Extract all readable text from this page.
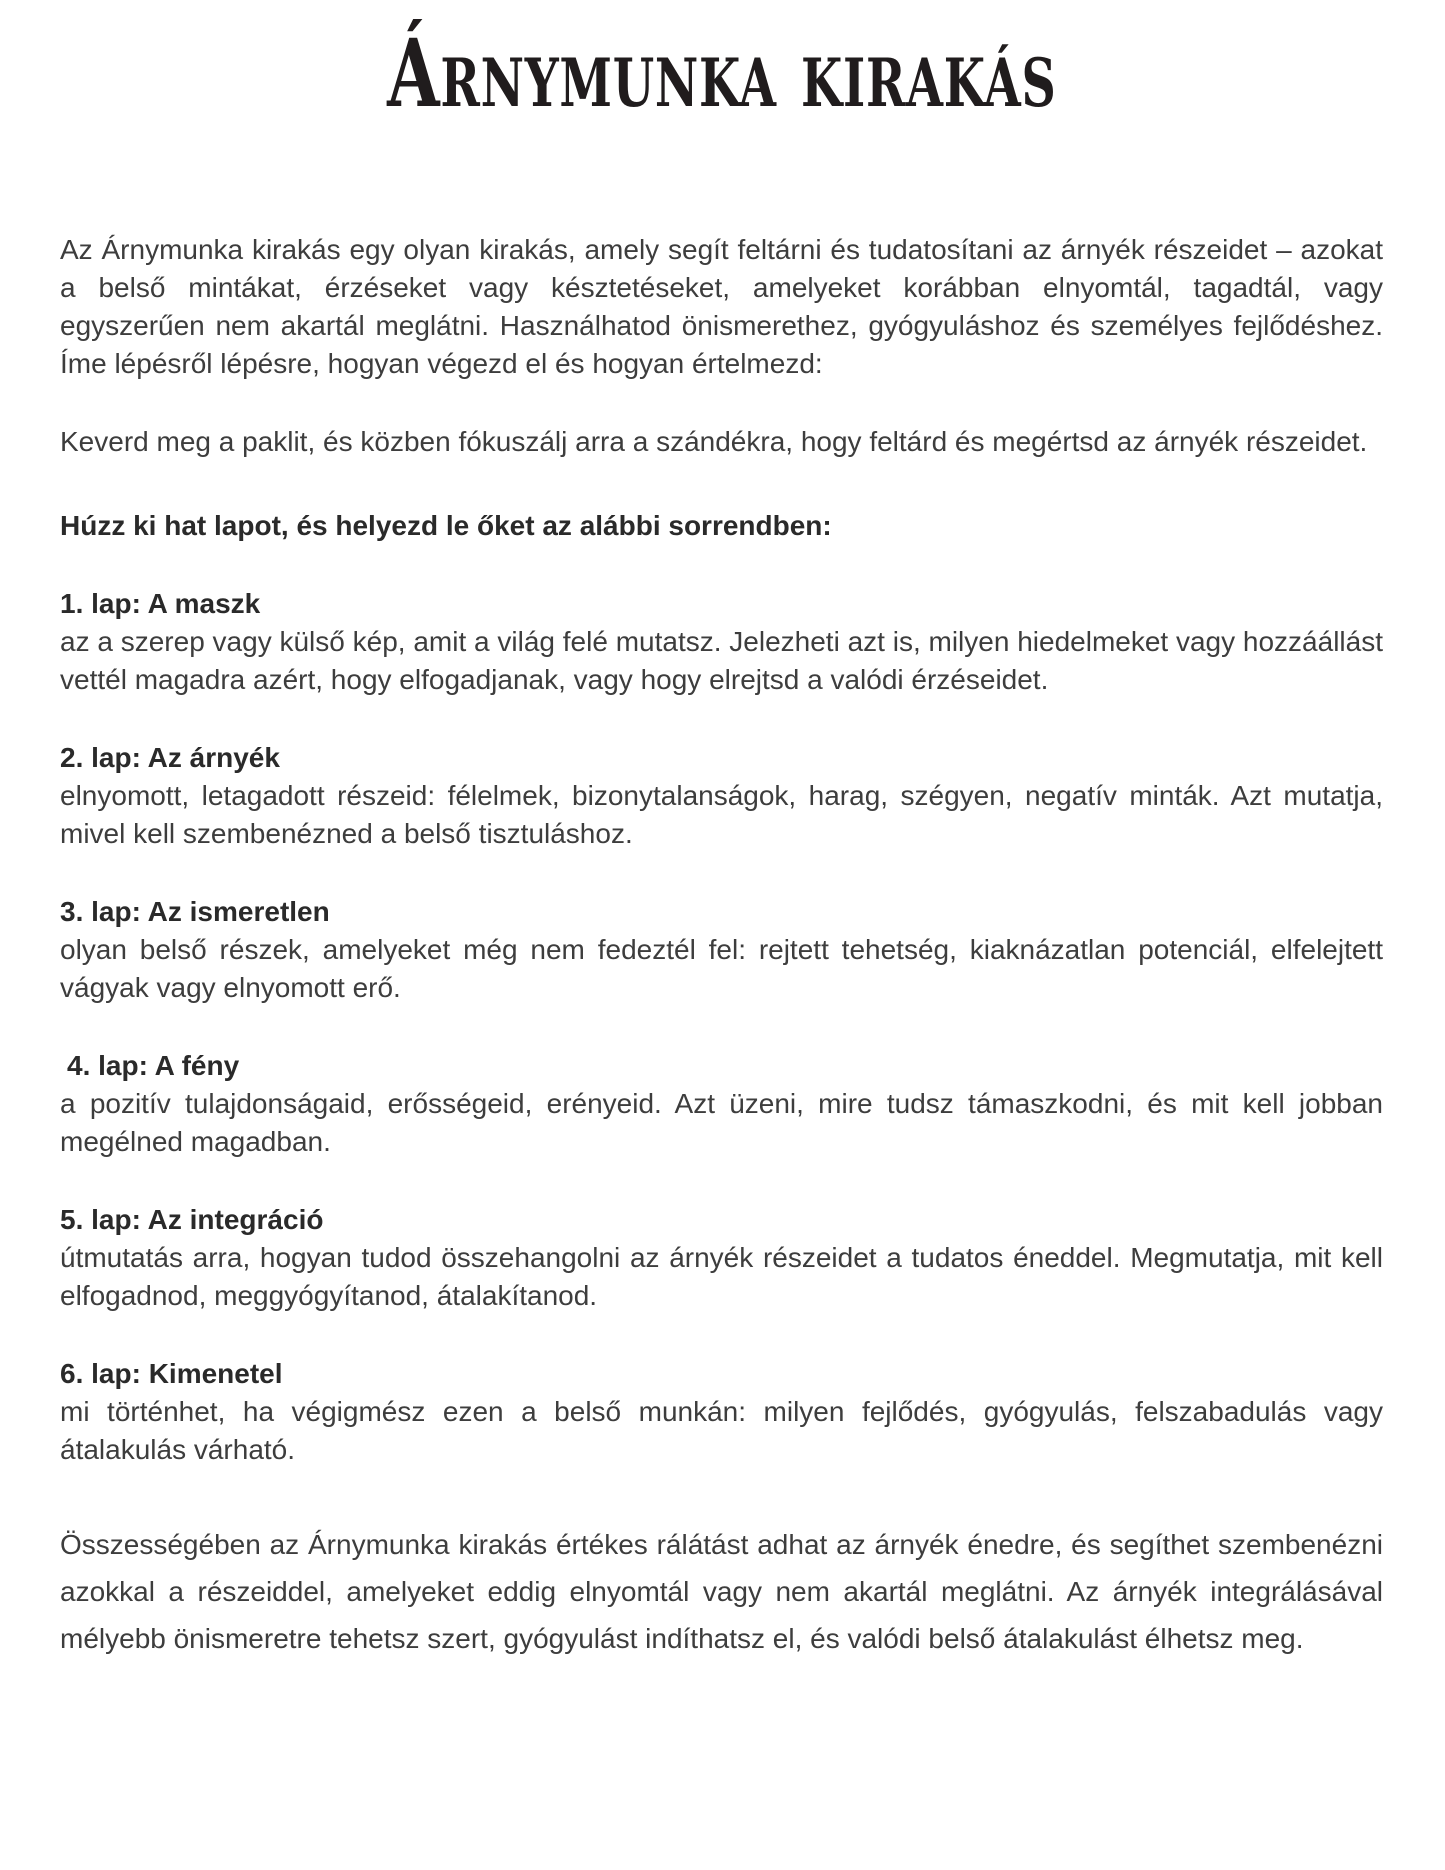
Árnymunka kirakás

Az Árnymunka kirakás egy olyan kirakás, amely segít feltárni és tudatosítani az árnyék részeidet – azokat a belső mintákat, érzéseket vagy késztetéseket, amelyeket korábban elnyomtál, tagadtál, vagy egyszerűen nem akartál meglátni. Használhatod önismerethez, gyógyuláshoz és személyes fejlődéshez. Íme lépésről lépésre, hogyan végezd el és hogyan értelmezd:

Keverd meg a paklit, és közben fókuszálj arra a szándékra, hogy feltárd és megértsd az árnyék részeidet.

Húzz ki hat lapot, és helyezd le őket az alábbi sorrendben:

1. lap: A maszk

az a szerep vagy külső kép, amit a világ felé mutatsz. Jelezheti azt is, milyen hiedelmeket vagy hozzáállást vettél magadra azért, hogy elfogadjanak, vagy hogy elrejtsd a valódi érzéseidet.

2. lap: Az árnyék

elnyomott, letagadott részeid: félelmek, bizonytalanságok, harag, szégyen, negatív minták. Azt mutatja, mivel kell szembenézned a belső tisztuláshoz.

3. lap: Az ismeretlen

olyan belső részek, amelyeket még nem fedeztél fel: rejtett tehetség, kiaknázatlan potenciál, elfelejtett vágyak vagy elnyomott erő.

4. lap: A fény

a pozitív tulajdonságaid, erősségeid, erényeid. Azt üzeni, mire tudsz támaszkodni, és mit kell jobban megélned magadban.

5. lap: Az integráció

útmutatás arra, hogyan tudod összehangolni az árnyék részeidet a tudatos éneddel. Megmutatja, mit kell elfogadnod, meggyógyítanod, átalakítanod.

6. lap: Kimenetel

mi történhet, ha végigmész ezen a belső munkán: milyen fejlődés, gyógyulás, felszabadulás vagy átalakulás várható.

Összességében az Árnymunka kirakás értékes rálátást adhat az árnyék énedre, és segíthet szembenézni azokkal a részeiddel, amelyeket eddig elnyomtál vagy nem akartál meglátni. Az árnyék integrálásával mélyebb önismeretre tehetsz szert, gyógyulást indíthatsz el, és valódi belső átalakulást élhetsz meg.
